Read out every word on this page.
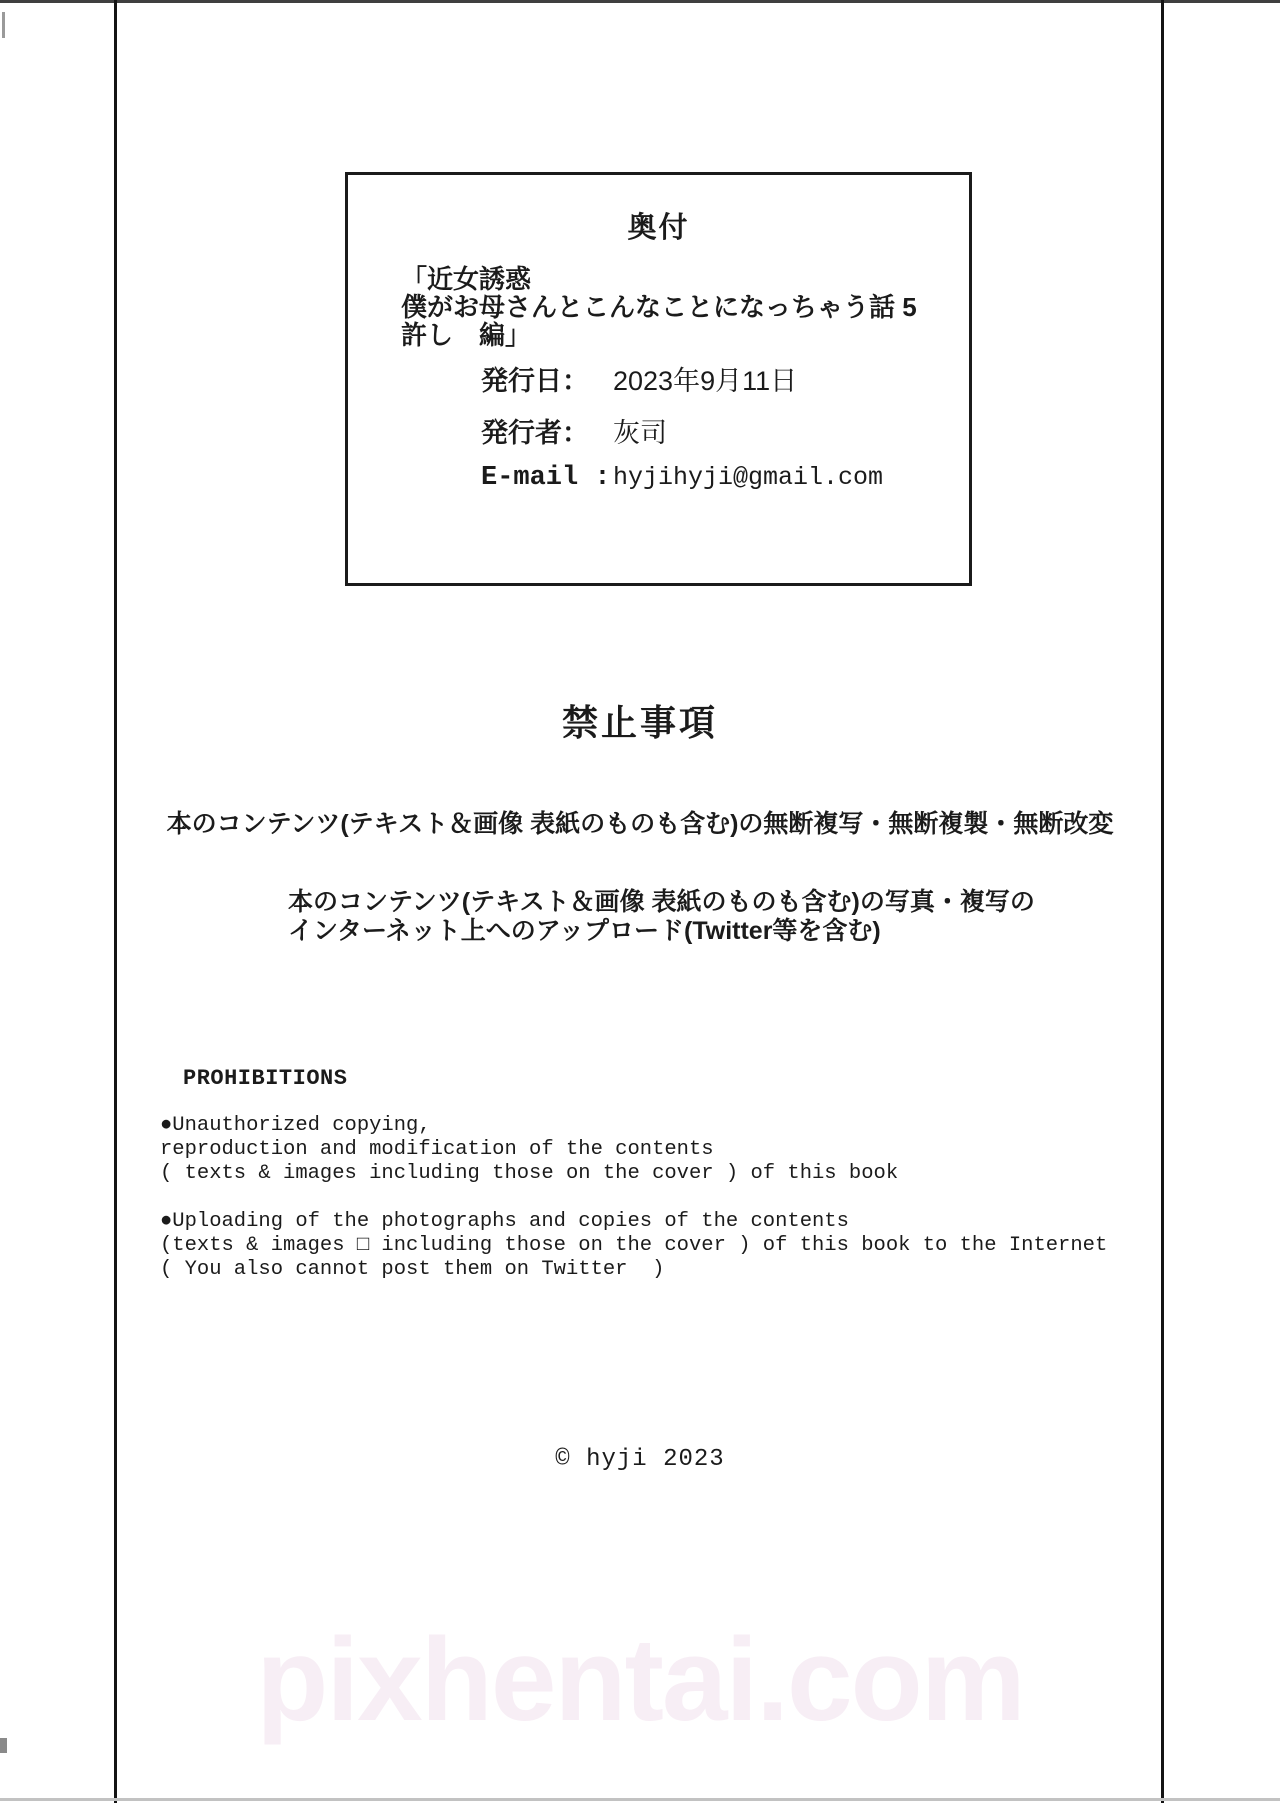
奥付
「近女誘惑
僕がお母さんとこんなことになっちゃう話 5
許し　編」
発行日： 2023年9月11日
発行者： 灰司
E-mail : hyjihyji@gmail.com
禁止事項
本のコンテンツ(テキスト＆画像 表紙のものも含む)の無断複写・無断複製・無断改変
本のコンテンツ(テキスト＆画像 表紙のものも含む)の写真・複写の
インターネット上へのアップロード(Twitter等を含む)
PROHIBITIONS
●Unauthorized copying,
reproduction and modification of the contents
( texts & images including those on the cover ) of this book
●Uploading of the photographs and copies of the contents
(texts & images □ including those on the cover ) of this book to the Internet
( You also cannot post them on Twitter  )
© hyji 2023
pixhentai.com
